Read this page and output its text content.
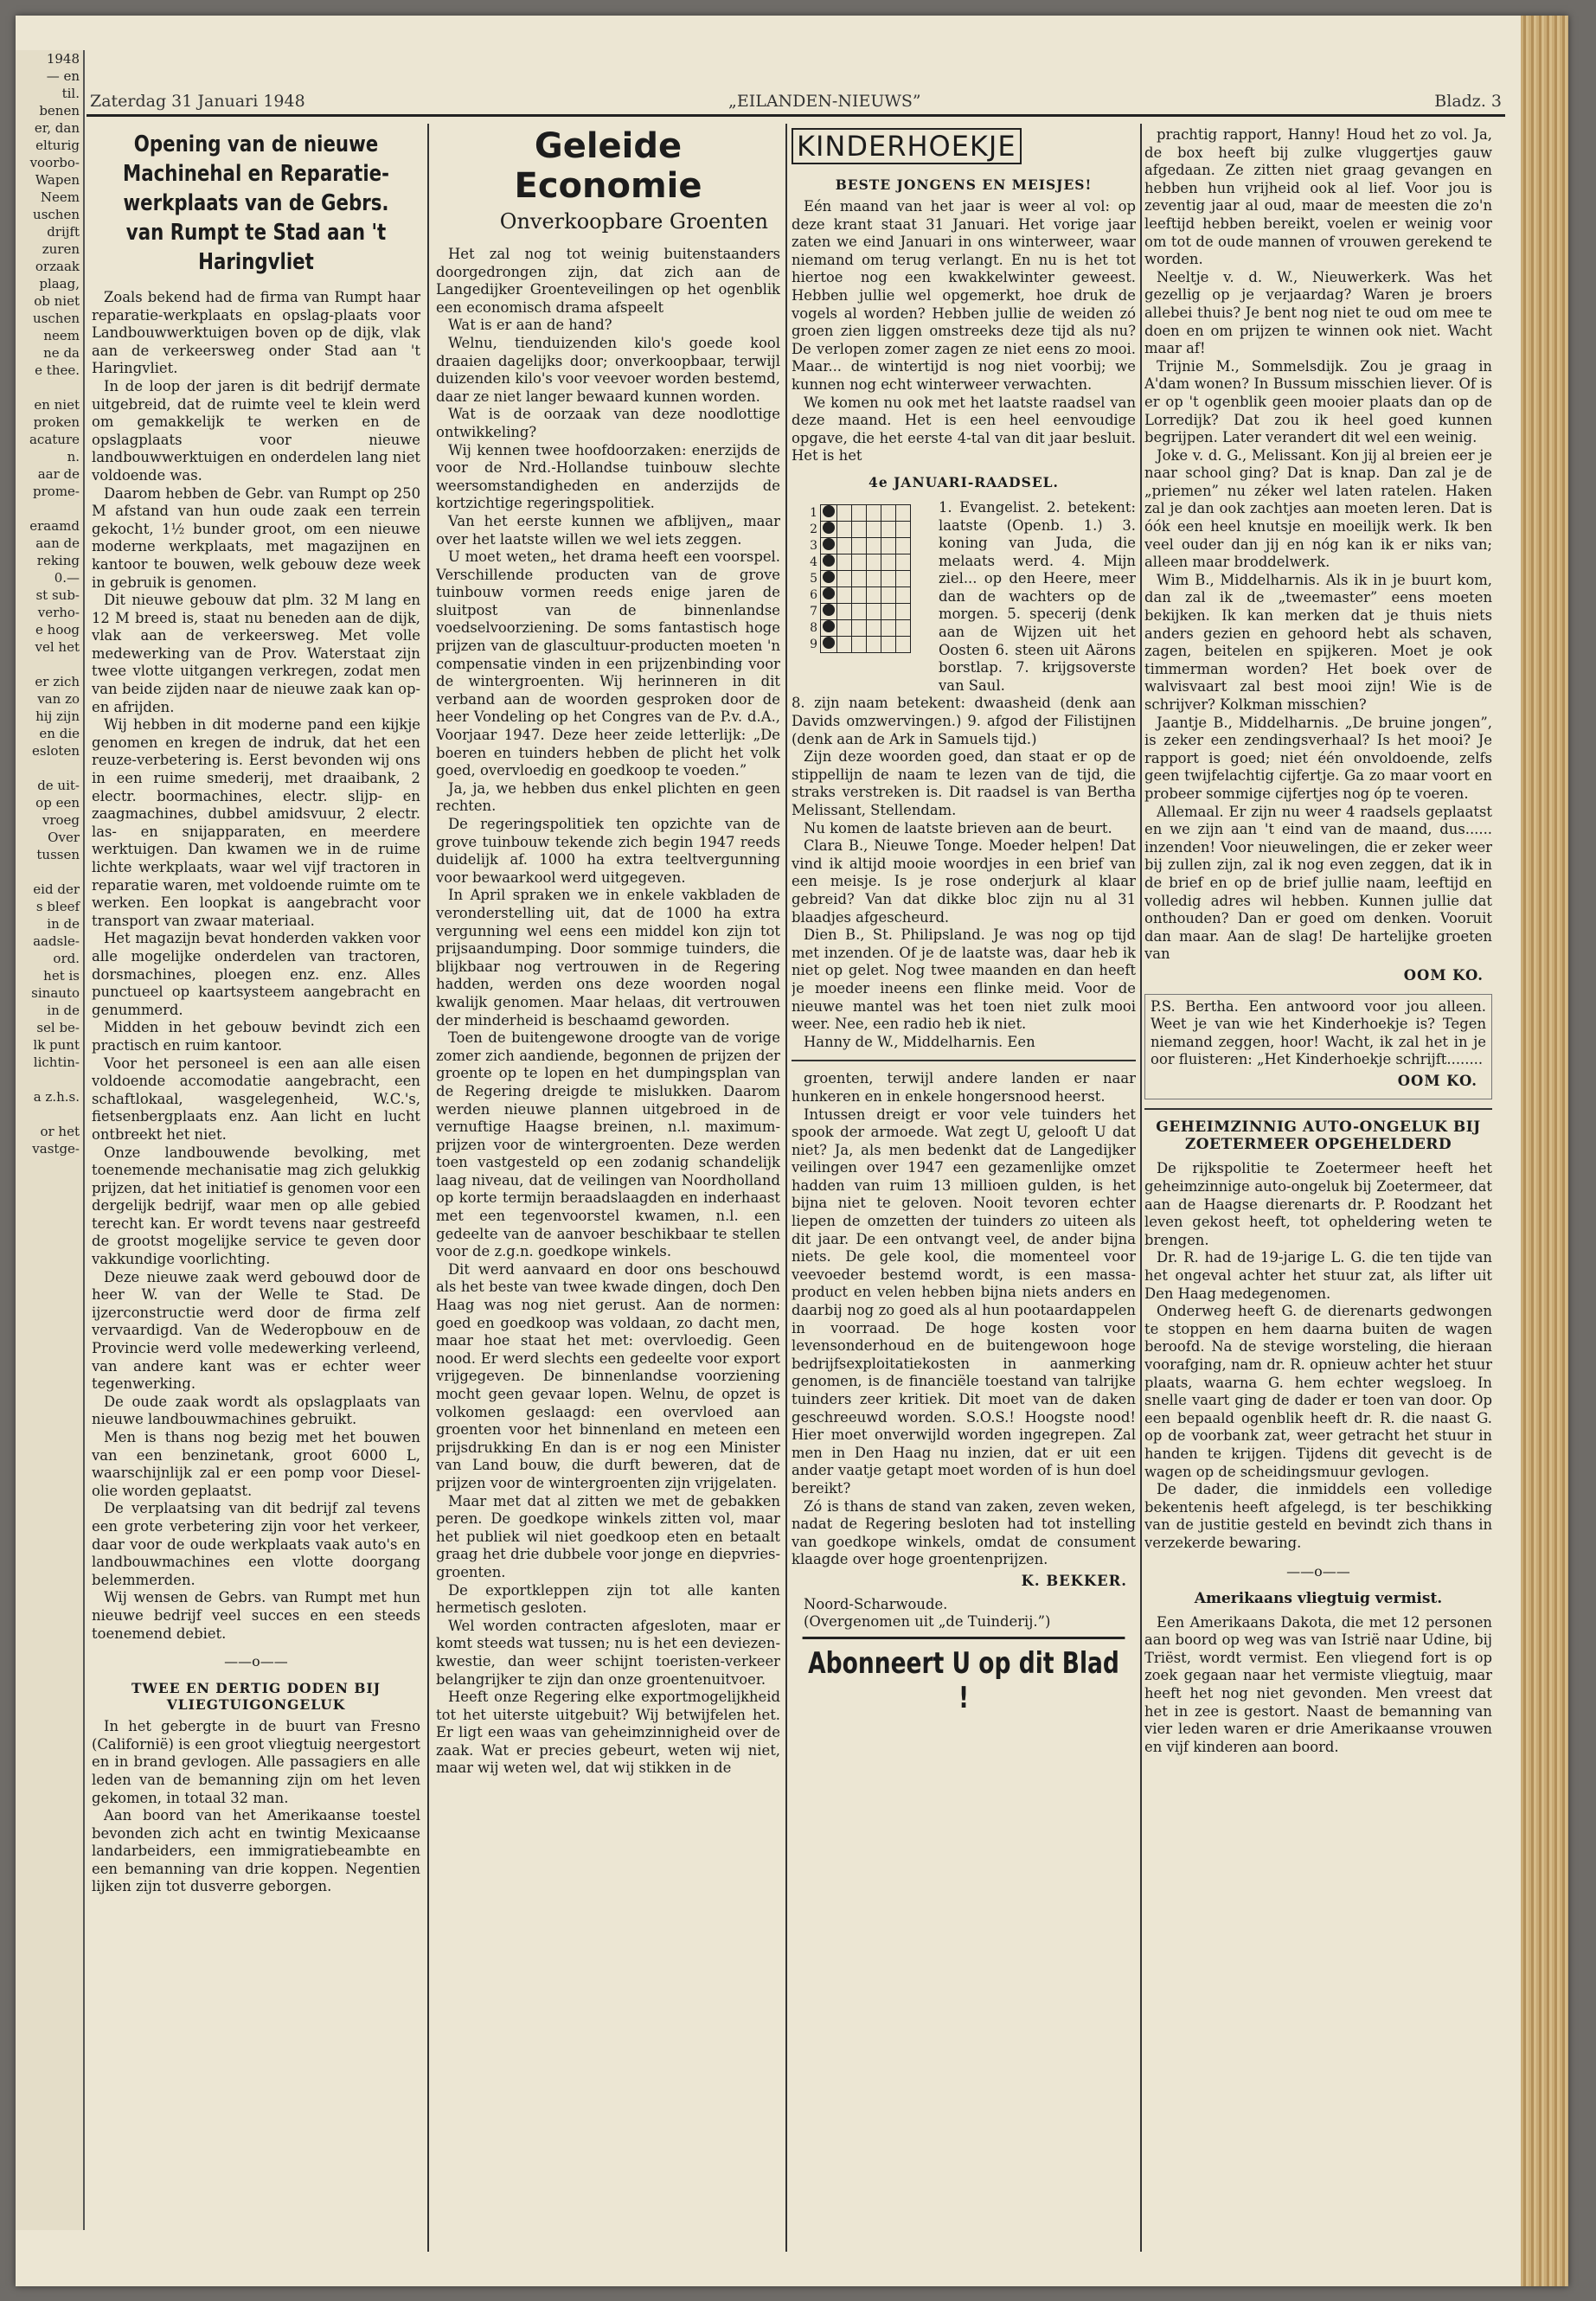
1948
— en
til.
benen
er, dan
elturig
voorbo-
Wapen
Neem
uschen
drijft
zuren
orzaak
plaag,
ob niet
uschen
neem
ne da
e thee.
en niet
proken
acature
n.
aar de
prome-
eraamd
aan de
reking
0.—
st sub-
verho-
e hoog
vel het
er zich
van zo
hij zijn
en die
esloten
de uit-
op een
vroeg
Over
tussen
eid der
s bleef
in de
aadsle-
ord.
het is
sinauto
in de
sel be-
lk punt
lichtin-
a z.h.s.
or het
vastge-
Zaterdag 31 Januari 1948	„EILANDEN-NIEUWS”	Bladz. 3
Opening van de nieuwe Machinehal en Reparatie-werkplaats van de Gebrs. van Rumpt te Stad aan 't Haringvliet

Zoals bekend had de firma van Rumpt haar reparatie-werkplaats en opslag-plaats voor Landbouwwerktuigen boven op de dijk, vlak aan de verkeersweg onder Stad aan 't Haringvliet.

In de loop der jaren is dit bedrijf dermate uitgebreid, dat de ruimte veel te klein werd om gemakkelijk te werken en de opslagplaats voor nieuwe landbouwwerktuigen en onderdelen lang niet voldoende was.

Daarom hebben de Gebr. van Rumpt op 250 M afstand van hun oude zaak een terrein gekocht, 1½ bunder groot, om een nieuwe moderne werkplaats, met magazijnen en kantoor te bouwen, welk gebouw deze week in gebruik is genomen.

Dit nieuwe gebouw dat plm. 32 M lang en 12 M breed is, staat nu beneden aan de dijk, vlak aan de verkeersweg. Met volle medewerking van de Prov. Waterstaat zijn twee vlotte uitgangen verkregen, zodat men van beide zijden naar de nieuwe zaak kan op- en afrijden.

Wij hebben in dit moderne pand een kijkje genomen en kregen de indruk, dat het een reuze-verbetering is. Eerst bevonden wij ons in een ruime smederij, met draaibank, 2 electr. boormachines, electr. slijp- en zaagmachines, dubbel amidsvuur, 2 electr. las- en snijapparaten, en meerdere werktuigen. Dan kwamen we in de ruime lichte werkplaats, waar wel vijf tractoren in reparatie waren, met voldoende ruimte om te werken. Een loopkat is aangebracht voor transport van zwaar materiaal.

Het magazijn bevat honderden vakken voor alle mogelijke onderdelen van tractoren, dorsmachines, ploegen enz. enz. Alles punctueel op kaartsysteem aangebracht en genummerd.

Midden in het gebouw bevindt zich een practisch en ruim kantoor.

Voor het personeel is een aan alle eisen voldoende accomodatie aangebracht, een schaftlokaal, wasgelegenheid, W.C.'s, fietsenbergplaats enz. Aan licht en lucht ontbreekt het niet.

Onze landbouwende bevolking, met toenemende mechanisatie mag zich gelukkig prijzen, dat het initiatief is genomen voor een dergelijk bedrijf, waar men op alle gebied terecht kan. Er wordt tevens naar gestreefd de grootst mogelijke service te geven door vakkundige voorlichting.

Deze nieuwe zaak werd gebouwd door de heer W. van der Welle te Stad. De ijzerconstructie werd door de firma zelf vervaardigd. Van de Wederopbouw en de Provincie werd volle medewerking verleend, van andere kant was er echter weer tegenwerking.

De oude zaak wordt als opslagplaats van nieuwe landbouwmachines gebruikt.

Men is thans nog bezig met het bouwen van een benzinetank, groot 6000 L, waarschijnlijk zal er een pomp voor Diesel-olie worden geplaatst.

De verplaatsing van dit bedrijf zal tevens een grote verbetering zijn voor het verkeer, daar voor de oude werkplaats vaak auto's en landbouwmachines een vlotte doorgang belemmerden.

Wij wensen de Gebrs. van Rumpt met hun nieuwe bedrijf veel succes en een steeds toenemend debiet.

——o——
TWEE EN DERTIG DODEN BIJ VLIEGTUIGONGELUK

In het gebergte in de buurt van Fresno (Californië) is een groot vliegtuig neergestort en in brand gevlogen. Alle passagiers en alle leden van de bemanning zijn om het leven gekomen, in totaal 32 man.

Aan boord van het Amerikaanse toestel bevonden zich acht en twintig Mexicaanse landarbeiders, een immigratiebeambte en een bemanning van drie koppen. Negentien lijken zijn tot dusverre geborgen.

Geleide Economie
Onverkoopbare Groenten

Het zal nog tot weinig buitenstaanders doorgedrongen zijn, dat zich aan de Langedijker Groenteveilingen op het ogenblik een economisch drama afspeelt

Wat is er aan de hand?

Welnu, tienduizenden kilo's goede kool draaien dagelijks door; onverkoopbaar, terwijl duizenden kilo's voor veevoer worden bestemd, daar ze niet langer bewaard kunnen worden.

Wat is de oorzaak van deze noodlottige ontwikkeling?

Wij kennen twee hoofdoorzaken: enerzijds de voor de Nrd.-Hollandse tuinbouw slechte weersomstandigheden en anderzijds de kortzichtige regeringspolitiek.

Van het eerste kunnen we afblijven„ maar over het laatste willen we wel iets zeggen.

U moet weten„ het drama heeft een voorspel. Verschillende producten van de grove tuinbouw vormen reeds enige jaren de sluitpost van de binnenlandse voedselvoorziening. De soms fantastisch hoge prijzen van de glascultuur-producten moeten 'n compensatie vinden in een prijzenbinding voor de wintergroenten. Wij herinneren in dit verband aan de woorden gesproken door de heer Vondeling op het Congres van de P.v. d.A., Voorjaar 1947. Deze heer zeide letterlijk: „De boeren en tuinders hebben de plicht het volk goed, overvloedig en goedkoop te voeden.”

Ja, ja, we hebben dus enkel plichten en geen rechten.

De regeringspolitiek ten opzichte van de grove tuinbouw tekende zich begin 1947 reeds duidelijk af. 1000 ha extra teeltvergunning voor bewaarkool werd uitgegeven.

In April spraken we in enkele vakbladen de veronderstelling uit, dat de 1000 ha extra vergunning wel eens een middel kon zijn tot prijsaandumping. Door sommige tuinders, die blijkbaar nog vertrouwen in de Regering hadden, werden ons deze woorden nogal kwalijk genomen. Maar helaas, dit vertrouwen der minderheid is beschaamd geworden.

Toen de buitengewone droogte van de vorige zomer zich aandiende, begonnen de prijzen der groente op te lopen en het dumpingsplan van de Regering dreigde te mislukken. Daarom werden nieuwe plannen uitgebroed in de vernuftige Haagse breinen, n.l. maximum-prijzen voor de wintergroenten. Deze werden toen vastgesteld op een zodanig schandelijk laag niveau, dat de veilingen van Noordholland op korte termijn beraadslaagden en inderhaast met een tegenvoorstel kwamen, n.l. een gedeelte van de aanvoer beschikbaar te stellen voor de z.g.n. goedkope winkels.

Dit werd aanvaard en door ons beschouwd als het beste van twee kwade dingen, doch Den Haag was nog niet gerust. Aan de normen: goed en goedkoop was voldaan, zo dacht men, maar hoe staat het met: overvloedig. Geen nood. Er werd slechts een gedeelte voor export vrijgegeven. De binnenlandse voorziening mocht geen gevaar lopen. Welnu, de opzet is volkomen geslaagd: een overvloed aan groenten voor het binnenland en meteen een prijsdrukking En dan is er nog een Minister van Land bouw, die durft beweren, dat de prijzen voor de wintergroenten zijn vrijgelaten.

Maar met dat al zitten we met de gebakken peren. De goedkope winkels zitten vol, maar het publiek wil niet goedkoop eten en betaalt graag het drie dubbele voor jonge en diepvries-groenten.

De exportkleppen zijn tot alle kanten hermetisch gesloten.

Wel worden contracten afgesloten, maar er komt steeds wat tussen; nu is het een deviezen-kwestie, dan weer schijnt toeristen-verkeer belangrijker te zijn dan onze groentenuitvoer.

Heeft onze Regering elke exportmogelijkheid tot het uiterste uitgebuit? Wij betwijfelen het. Er ligt een waas van geheimzinnigheid over de zaak. Wat er precies gebeurt, weten wij niet, maar wij weten wel, dat wij stikken in de

KINDERHOEKJE
BESTE JONGENS EN MEISJES!

Eén maand van het jaar is weer al vol: op deze krant staat 31 Januari. Het vorige jaar zaten we eind Januari in ons winterweer, waar niemand om terug verlangt. En nu is het tot hiertoe nog een kwakkelwinter geweest. Hebben jullie wel opgemerkt, hoe druk de vogels al worden? Hebben jullie de weiden zó groen zien liggen omstreeks deze tijd als nu? De verlopen zomer zagen ze niet eens zo mooi. Maar... de wintertijd is nog niet voorbij; we kunnen nog echt winterweer verwachten.

We komen nu ook met het laatste raadsel van deze maand. Het is een heel eenvoudige opgave, die het eerste 4-tal van dit jaar besluit. Het is het

4e JANUARI-RAADSEL.
1						
2						
3						
4						
5						
6						
7						
8						
9						

1. Evangelist. 2. betekent: laatste (Openb. 1.) 3. koning van Juda, die melaats werd. 4. Mijn ziel... op den Heere, meer dan de wachters op de morgen. 5. specerij (denk aan de Wijzen uit het Oosten 6. steen uit Aärons borstlap. 7. krijgsoverste van Saul.

8. zijn naam betekent: dwaasheid (denk aan Davids omzwervingen.) 9. afgod der Filistijnen (denk aan de Ark in Samuels tijd.)

Zijn deze woorden goed, dan staat er op de stippellijn de naam te lezen van de tijd, die straks verstreken is. Dit raadsel is van Bertha Melissant, Stellendam.

Nu komen de laatste brieven aan de beurt.

Clara B., Nieuwe Tonge. Moeder helpen! Dat vind ik altijd mooie woordjes in een brief van een meisje. Is je rose onderjurk al klaar gebreid? Van dat dikke bloc zijn nu al 31 blaadjes afgescheurd.

Dien B., St. Philipsland. Je was nog op tijd met inzenden. Of je de laatste was, daar heb ik niet op gelet. Nog twee maanden en dan heeft je moeder ineens een flinke meid. Voor de nieuwe mantel was het toen niet zulk mooi weer. Nee, een radio heb ik niet.

Hanny de W., Middelharnis. Een

groenten, terwijl andere landen er naar hunkeren en in enkele hongersnood heerst.

Intussen dreigt er voor vele tuinders het spook der armoede. Wat zegt U, gelooft U dat niet? Ja, als men bedenkt dat de Langedijker veilingen over 1947 een gezamenlijke omzet hadden van ruim 13 millioen gulden, is het bijna niet te geloven. Nooit tevoren echter liepen de omzetten der tuinders zo uiteen als dit jaar. De een ontvangt veel, de ander bijna niets. De gele kool, die momenteel voor veevoeder bestemd wordt, is een massa-product en velen hebben bijna niets anders en daarbij nog zo goed als al hun pootaardappelen in voorraad. De hoge kosten voor levensonderhoud en de buitengewoon hoge bedrijfsexploitatiekosten in aanmerking genomen, is de financiële toestand van talrijke tuinders zeer kritiek. Dit moet van de daken geschreeuwd worden. S.O.S.! Hoogste nood! Hier moet onverwijld worden ingegrepen. Zal men in Den Haag nu inzien, dat er uit een ander vaatje getapt moet worden of is hun doel bereikt?

Zó is thans de stand van zaken, zeven weken, nadat de Regering besloten had tot instelling van goedkope winkels, omdat de consument klaagde over hoge groentenprijzen.

K. BEKKER.

Noord-Scharwoude.

(Overgenomen uit „de Tuinderij.”)

Abonneert U op dit Blad !

prachtig rapport, Hanny! Houd het zo vol. Ja, de box heeft bij zulke vluggertjes gauw afgedaan. Ze zitten niet graag gevangen en hebben hun vrijheid ook al lief. Voor jou is zeventig jaar al oud, maar de meesten die zo'n leeftijd hebben bereikt, voelen er weinig voor om tot de oude mannen of vrouwen gerekend te worden.

Neeltje v. d. W., Nieuwerkerk. Was het gezellig op je verjaardag? Waren je broers allebei thuis? Je bent nog niet te oud om mee te doen en om prijzen te winnen ook niet. Wacht maar af!

Trijnie M., Sommelsdijk. Zou je graag in A'dam wonen? In Bussum misschien liever. Of is er op 't ogenblik geen mooier plaats dan op de Lorredijk? Dat zou ik heel goed kunnen begrijpen. Later verandert dit wel een weinig.

Joke v. d. G., Melissant. Kon jij al breien eer je naar school ging? Dat is knap. Dan zal je de „priemen” nu zéker wel laten ratelen. Haken zal je dan ook zachtjes aan moeten leren. Dat is óók een heel knutsje en moeilijk werk. Ik ben veel ouder dan jij en nóg kan ik er niks van; alleen maar broddelwerk.

Wim B., Middelharnis. Als ik in je buurt kom, dan zal ik de „tweemaster” eens moeten bekijken. Ik kan merken dat je thuis niets anders gezien en gehoord hebt als schaven, zagen, beitelen en spijkeren. Moet je ook timmerman worden? Het boek over de walvisvaart zal best mooi zijn! Wie is de schrijver? Kolkman misschien?

Jaantje B., Middelharnis. „De bruine jongen”, is zeker een zendingsverhaal? Is het mooi? Je rapport is goed; niet één onvoldoende, zelfs geen twijfelachtig cijfertje. Ga zo maar voort en probeer sommige cijfertjes nog óp te voeren.

Allemaal. Er zijn nu weer 4 raadsels geplaatst en we zijn aan 't eind van de maand, dus...... inzenden! Voor nieuwelingen, die er zeker weer bij zullen zijn, zal ik nog even zeggen, dat ik in de brief en op de brief jullie naam, leeftijd en volledig adres wil hebben. Kunnen jullie dat onthouden? Dan er goed om denken. Vooruit dan maar. Aan de slag! De hartelijke groeten van

OOM KO.

P.S. Bertha. Een antwoord voor jou alleen. Weet je van wie het Kinderhoekje is? Tegen niemand zeggen, hoor! Wacht, ik zal het in je oor fluisteren: „Het Kinderhoekje schrijft........

OOM KO.
GEHEIMZINNIG AUTO-ONGELUK BIJ ZOETERMEER OPGEHELDERD

De rijkspolitie te Zoetermeer heeft het geheimzinnige auto-ongeluk bij Zoetermeer, dat aan de Haagse dierenarts dr. P. Roodzant het leven gekost heeft, tot opheldering weten te brengen.

Dr. R. had de 19-jarige L. G. die ten tijde van het ongeval achter het stuur zat, als lifter uit Den Haag medegenomen.

Onderweg heeft G. de dierenarts gedwongen te stoppen en hem daarna buiten de wagen beroofd. Na de stevige worsteling, die hieraan voorafging, nam dr. R. opnieuw achter het stuur plaats, waarna G. hem echter wegsloeg. In snelle vaart ging de dader er toen van door. Op een bepaald ogenblik heeft dr. R. die naast G. op de voorbank zat, weer getracht het stuur in handen te krijgen. Tijdens dit gevecht is de wagen op de scheidingsmuur gevlogen.

De dader, die inmiddels een volledige bekentenis heeft afgelegd, is ter beschikking van de justitie gesteld en bevindt zich thans in verzekerde bewaring.

——o——
Amerikaans vliegtuig vermist.

Een Amerikaans Dakota, die met 12 personen aan boord op weg was van Istrië naar Udine, bij Triëst, wordt vermist. Een vliegend fort is op zoek gegaan naar het vermiste vliegtuig, maar heeft het nog niet gevonden. Men vreest dat het in zee is gestort. Naast de bemanning van vier leden waren er drie Amerikaanse vrouwen en vijf kinderen aan boord.
